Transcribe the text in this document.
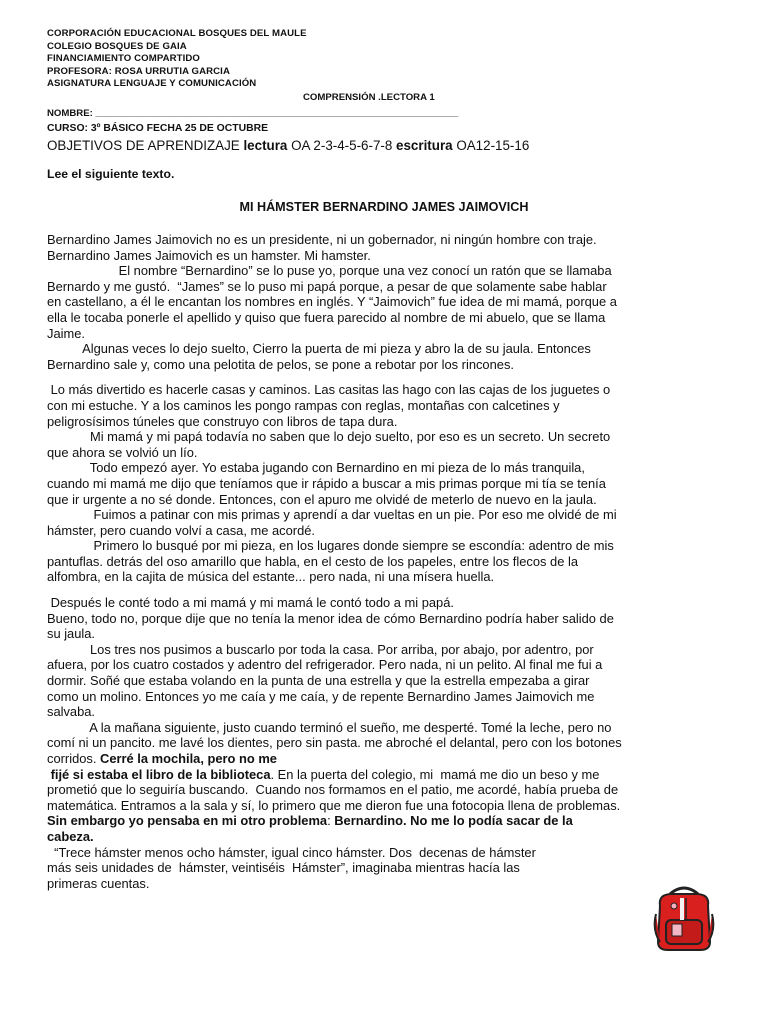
CORPORACIÓN EDUCACIONAL BOSQUES DEL MAULE
COLEGIO BOSQUES DE GAIA
FINANCIAMIENTO COMPARTIDO
PROFESORA: ROSA URRUTIA GARCIA
ASIGNATURA LENGUAJE Y COMUNICACIÓN
COMPRENSIÓN .LECTORA 1
NOMBRE: ____________________________________________________________________
CURSO: 3º BÁSICO FECHA 25 DE OCTUBRE
OBJETIVOS DE APRENDIZAJE lectura OA 2-3-4-5-6-7-8 escritura OA12-15-16
Lee el siguiente texto.
MI HÁMSTER BERNARDINO JAMES JAIMOVICH
Bernardino James Jaimovich no es un presidente, ni un gobernador, ni ningún hombre con traje.
Bernardino James Jaimovich es un hamster. Mi hamster.
El nombre “Bernardino” se lo puse yo, porque una vez conocí un ratón que se llamaba
Bernardo y me gustó.  “James” se lo puso mi papá porque, a pesar de que solamente sabe hablar
en castellano, a él le encantan los nombres en inglés. Y “Jaimovich” fue idea de mi mamá, porque a
ella le tocaba ponerle el apellido y quiso que fuera parecido al nombre de mi abuelo, que se llama
Jaime.
Algunas veces lo dejo suelto, Cierro la puerta de mi pieza y abro la de su jaula. Entonces
Bernardino sale y, como una pelotita de pelos, se pone a rebotar por los rincones.
Lo más divertido es hacerle casas y caminos. Las casitas las hago con las cajas de los juguetes o
con mi estuche. Y a los caminos les pongo rampas con reglas, montañas con calcetines y
peligrosísimos túneles que construyo con libros de tapa dura.
Mi mamá y mi papá todavía no saben que lo dejo suelto, por eso es un secreto. Un secreto
que ahora se volvió un lío.
Todo empezó ayer. Yo estaba jugando con Bernardino en mi pieza de lo más tranquila,
cuando mi mamá me dijo que teníamos que ir rápido a buscar a mis primas porque mi tía se tenía
que ir urgente a no sé donde. Entonces, con el apuro me olvidé de meterlo de nuevo en la jaula.
Fuimos a patinar con mis primas y aprendí a dar vueltas en un pie. Por eso me olvidé de mi
hámster, pero cuando volví a casa, me acordé.
Primero lo busqué por mi pieza, en los lugares donde siempre se escondía: adentro de mis
pantuflas. detrás del oso amarillo que habla, en el cesto de los papeles, entre los flecos de la
alfombra, en la cajita de música del estante... pero nada, ni una mísera huella.
Después le conté todo a mi mamá y mi mamá le contó todo a mi papá.
Bueno, todo no, porque dije que no tenía la menor idea de cómo Bernardino podría haber salido de
su jaula.
Los tres nos pusimos a buscarlo por toda la casa. Por arriba, por abajo, por adentro, por
afuera, por los cuatro costados y adentro del refrigerador. Pero nada, ni un pelito. Al final me fui a
dormir. Soñé que estaba volando en la punta de una estrella y que la estrella empezaba a girar
como un molino. Entonces yo me caía y me caía, y de repente Bernardino James Jaimovich me
salvaba.
A la mañana siguiente, justo cuando terminó el sueño, me desperté. Tomé la leche, pero no
comí ni un pancito. me lavé los dientes, pero sin pasta. me abroché el delantal, pero con los botones
corridos. Cerré la mochila, pero no me
fijé si estaba el libro de la biblioteca. En la puerta del colegio, mi  mamá me dio un beso y me
prometió que lo seguiría buscando.  Cuando nos formamos en el patio, me acordé, había prueba de
matemática. Entramos a la sala y sí, lo primero que me dieron fue una fotocopia llena de problemas.
Sin embargo yo pensaba en mi otro problema: Bernardino. No me lo podía sacar de la
cabeza.
“Trece hámster menos ocho hámster, igual cinco hámster. Dos  decenas de hámster
más seis unidades de  hámster, veintiséis  Hámster”, imaginaba mientras hacía las
primeras cuentas.
